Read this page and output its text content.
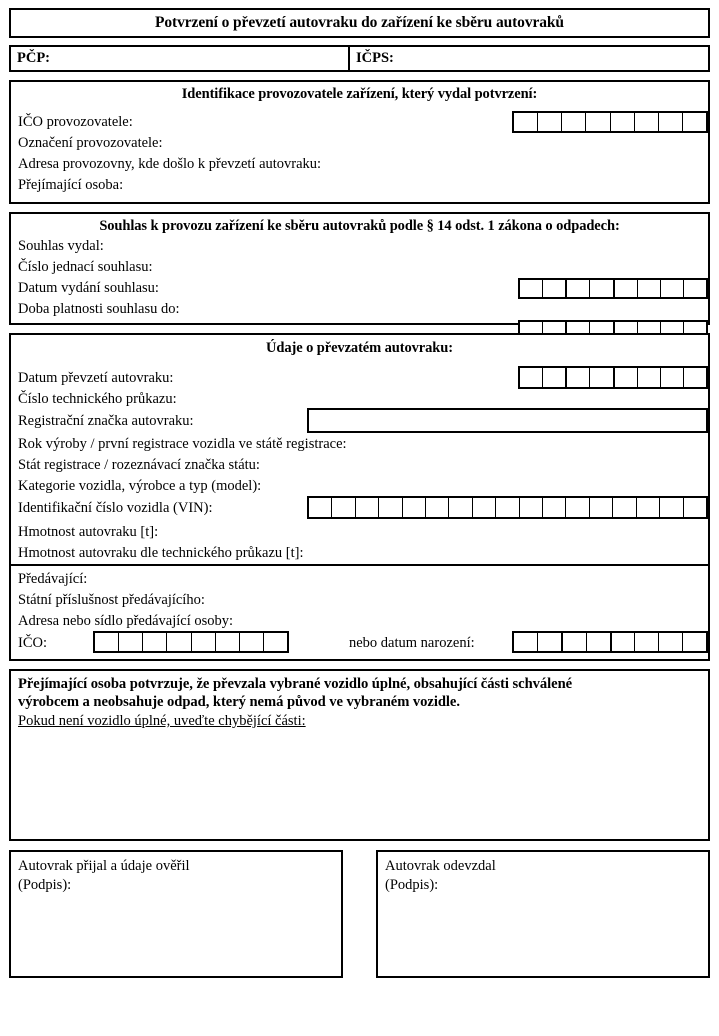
Potvrzení o převzetí autovraku do zařízení ke sběru autovraků
PČP:	IČPS:
Identifikace provozovatele zařízení, který vydal potvrzení:
IČO provozovatele:
Označení provozovatele:
Adresa provozovny, kde došlo k převzetí autovraku:
Přejímající osoba:
Souhlas k provozu zařízení ke sběru autovraků podle § 14 odst. 1 zákona o odpadech:
Souhlas vydal:
Číslo jednací souhlasu:
Datum vydání souhlasu:
Doba platnosti souhlasu do:
Údaje o převzatém autovraku:
Datum převzetí autovraku:
Číslo technického průkazu:
Registrační značka autovraku:
Rok výroby / první registrace vozidla ve státě registrace:
Stát registrace / rozeznávací značka státu:
Kategorie vozidla, výrobce a typ (model):
Identifikační číslo vozidla (VIN):
Hmotnost autovraku [t]:
Hmotnost autovraku dle technického průkazu [t]:
Předávající:
Státní příslušnost předávajícího:
Adresa nebo sídlo předávající osoby:
IČO:	nebo datum narození:
Přejímající osoba potvrzuje, že převzala vybrané vozidlo úplné, obsahující části schválené
výrobcem a neobsahuje odpad, který nemá původ ve vybraném vozidle.
Pokud není vozidlo úplné, uveďte chybějící části:
Autovrak přijal a údaje ověřil
(Podpis):
Autovrak odevzdal
(Podpis):
